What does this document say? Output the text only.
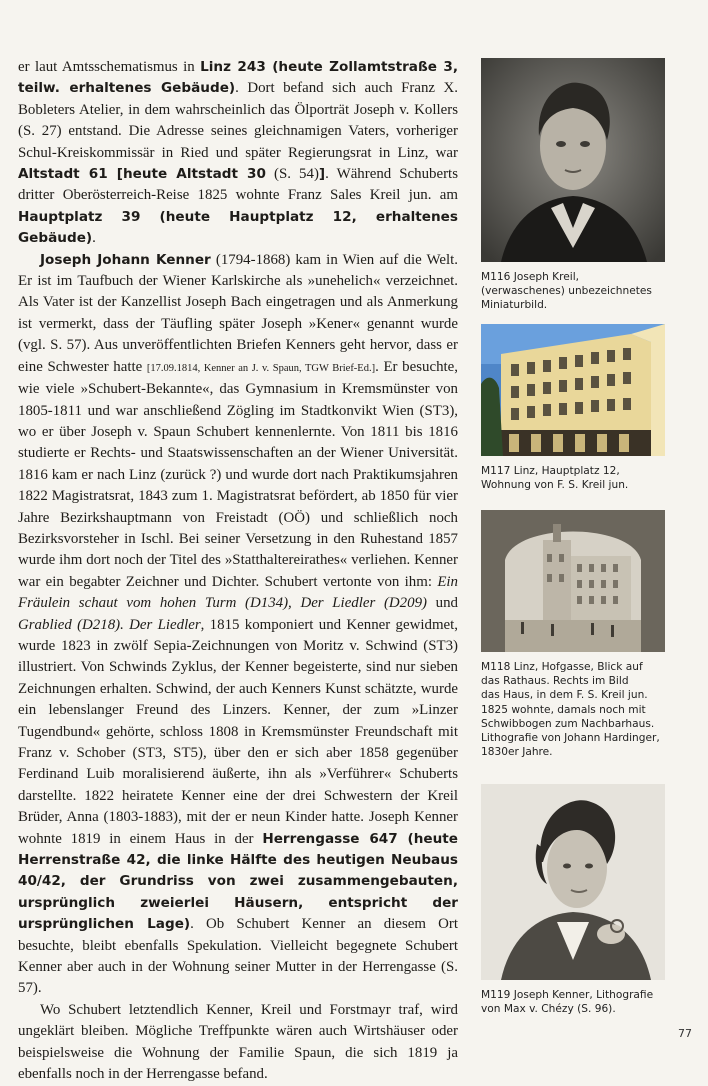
er laut Amtsschematismus in Linz 243 (heute Zollamtstraße 3, teilw. erhaltenes Gebäude). Dort befand sich auch Franz X. Bobleters Atelier, in dem wahrscheinlich das Ölporträt Joseph v. Kollers (S. 27) entstand. Die Adresse seines gleichnamigen Vaters, vorheriger Schul-Kreiskommissär in Ried und später Regierungsrat in Linz, war Altstadt 61 [heute Altstadt 30 (S. 54)]. Während Schuberts dritter Oberösterreich-Reise 1825 wohnte Franz Sales Kreil jun. am Hauptplatz 39 (heute Hauptplatz 12, erhaltenes Gebäude).

Joseph Johann Kenner (1794-1868) kam in Wien auf die Welt. Er ist im Taufbuch der Wiener Karlskirche als »unehelich« verzeichnet. Als Vater ist der Kanzellist Joseph Bach eingetragen und als Anmerkung ist vermerkt, dass der Täufling später Joseph »Kener« genannt wurde (vgl. S. 57). Aus unveröffentlichten Briefen Kenners geht hervor, dass er eine Schwester hatte [17.09.1814, Kenner an J. v. Spaun, TGW Brief-Ed.]. Er besuchte, wie viele »Schubert-Bekannte«, das Gymnasium in Kremsmünster von 1805-1811 und war anschließend Zögling im Stadtkonvikt Wien (ST3), wo er über Joseph v. Spaun Schubert kennenlernte. Von 1811 bis 1816 studierte er Rechts- und Staatswissenschaften an der Wiener Universität. 1816 kam er nach Linz (zurück ?) und wurde dort nach Praktikumsjahren 1822 Magistratsrat, 1843 zum 1. Magistratsrat befördert, ab 1850 für vier Jahre Bezirkshauptmann von Freistadt (OÖ) und schließlich noch Bezirksvorsteher in Ischl. Bei seiner Versetzung in den Ruhestand 1857 wurde ihm dort noch der Titel des »Statthaltereirathes« verliehen. Kenner war ein begabter Zeichner und Dichter. Schubert vertonte von ihm: Ein Fräulein schaut vom hohen Turm (D134), Der Liedler (D209) und Grablied (D218). Der Liedler, 1815 komponiert und Kenner gewidmet, wurde 1823 in zwölf Sepia-Zeichnungen von Moritz v. Schwind (ST3) illustriert. Von Schwinds Zyklus, der Kenner begeisterte, sind nur sieben Zeichnungen erhalten. Schwind, der auch Kenners Kunst schätzte, wurde ein lebenslanger Freund des Linzers. Kenner, der zum »Linzer Tugendbund« gehörte, schloss 1808 in Kremsmünster Freundschaft mit Franz v. Schober (ST3, ST5), über den er sich aber 1858 gegenüber Ferdinand Luib moralisierend äußerte, ihn als »Verführer« Schuberts darstellte. 1822 heiratete Kenner eine der drei Schwestern der Kreil Brüder, Anna (1803-1883), mit der er neun Kinder hatte. Joseph Kenner wohnte 1819 in einem Haus in der Herrengasse 647 (heute Herrenstraße 42, die linke Hälfte des heutigen Neubaus 40/42, der Grundriss von zwei zusammengebauten, ursprünglich zweierlei Häusern, entspricht der ursprünglichen Lage). Ob Schubert Kenner an diesem Ort besuchte, bleibt ebenfalls Spekulation. Vielleicht begegnete Schubert Kenner aber auch in der Wohnung seiner Mutter in der Herrengasse (S. 57).

Wo Schubert letztendlich Kenner, Kreil und Forstmayr traf, wird ungeklärt bleiben. Mögliche Treffpunkte wären auch Wirtshäuser oder beispielsweise die Wohnung der Familie Spaun, die sich 1819 ja ebenfalls noch in der Herrengasse befand.

M116 Joseph Kreil,
(verwaschenes) unbezeichnetes
Miniaturbild.
M117 Linz, Hauptplatz 12,
Wohnung von F. S. Kreil jun.
M118 Linz, Hofgasse, Blick auf
das Rathaus. Rechts im Bild
das Haus, in dem F. S. Kreil jun.
1825 wohnte, damals noch mit
Schwibbogen zum Nachbarhaus.
Lithografie von Johann Hardinger,
1830er Jahre.
M119 Joseph Kenner, Lithografie
von Max v. Chézy (S. 96).
77
